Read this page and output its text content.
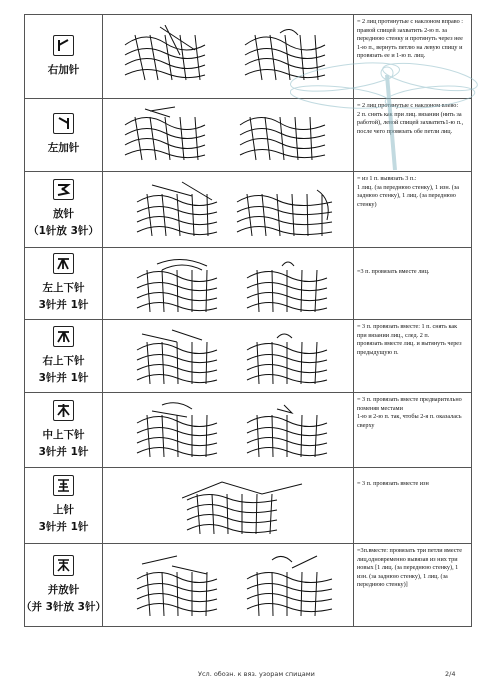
右加针

= 2 лиц протянутые с наклоном вправо :

правой спицей захватить 2-ю п. за переднюю стенку и протянуть через нее 1-ю п., вернуть петлю на левую спицу и провязать ее и 1-ю п. лиц.

左加针

= 2 лиц протянутые с наклоном влево:

2 п. снять как при лиц. вязании (нить за работой), левой спицей захватить1-ю п., после чего провязать обе петли лиц.

放针
（1针放 3针）

= из 1 п. вывязать 3 п.:

1 лиц. (за переднюю стенку), 1 изн. (за заднюю стенку), 1 лиц. (за переднюю стенку)

左上下针
3针并 1针

=3 п. провязать вместе лиц.

右上下针
3针并 1针

= 3 п. провязать вместе: 1 п. снять как при вязании лиц., след. 2 п.

провязать вместе лиц. и вытянуть через предыдущую п.

中上下针
3针并 1针

= 3 п. провязать вместе предварительно поменяв местами

1-ю и 2-ю п. так, чтобы 2-я п. оказалась сверху

上针
3针并 1针

= 3 п. провязать вместе изн

并放针
（并 3针放 3针）

=3п.вместе: провязать три петли вместе лиц,одновременно вывязав из них три новых [1 лиц. (за переднюю стенку), 1 изн. (за заднюю стенку), 1 лиц. (за переднюю стенку)]

Усл. обозн. к вяз. узорам спицами	2/4
